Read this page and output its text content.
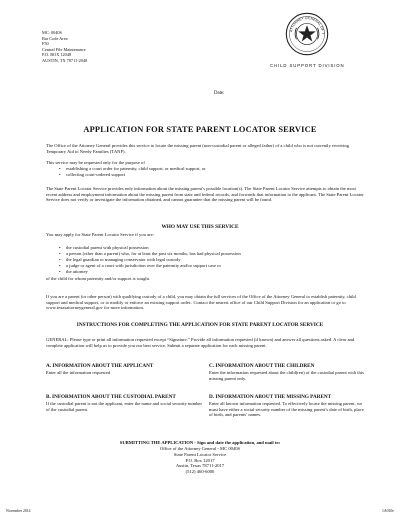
MC: 0040S
Bar Code Area
F50
Central File Maintenance
P.O. BOX 12048
AUSTIN, TX 78711-2048
ATTORNEY GENERAL OF T
CHILD SUPPORT DIVISION
Date:
APPLICATION FOR STATE PARENT LOCATOR SERVICE
The Office of the Attorney General provides this service to locate the missing parent (non-custodial parent or alleged father) of a child who is not currently receiving Temporary Aid to Needy Families (TANF).
This service may be requested only for the purpose of
• establishing a court order for paternity, child support, or medical support, or
• collecting court-ordered support
The State Parent Locator Service provides only information about the missing parent’s possible location(s). The State Parent Locator Service attempts to obtain the most recent address and employment information about the missing parent from state and federal records, and forwards that information to the applicant. The State Parent Locator Service does not verify or investigate the information obtained, and cannot guarantee that the missing parent will be found.
WHO MAY USE THIS SERVICE
You may apply for State Parent Locator Service if you are:
• the custodial parent with physical possession
• a person (other than a parent) who, for at least the past six months, has had physical possession
• the legal guardian or managing conservator with legal custody
• a judge or agent of a court with jurisdiction over the paternity and/or support case or
• the attorney
of the child for whom paternity and/or support is sought.
If you are a parent (or other person) with qualifying custody of a child, you may obtain the full services of the Office of the Attorney General to establish paternity, child support and medical support, or to modify or enforce an existing support order.. Contact the nearest office of our Child Support Division for an application or go to www.texasattorneygeneral.gov for more information.
INSTRUCTIONS FOR COMPLETING THE APPLICATION FOR STATE PARENT LOCATOR SERVICE
GENERAL: Please type or print all information requested except “Signature.” Provide all information requested (if known) and answer all questions asked. A clear and complete application will help us to provide you our best service. Submit a separate application for each missing parent.
A. INFORMATION ABOUT THE APPLICANT
Enter all the information requested
B. INFORMATION ABOUT THE CUSTODIAL PARENT
If the custodial parent is not the applicant, enter the name and social security number of the custodial parent.
C. INFORMATION ABOUT THE CHILDREN
Enter the information requested about the child(ren) of the custodial parent with this missing parent only.
D. INFORMATION ABOUT THE MISSING PARENT
Enter all known information requested. To effectively locate the missing parent, we must have either a social security number of the missing parent’s date of birth, place of birth, and parents’ names.
SUBMITTING THE APPLICATION - Sign and date the application, and mail to:
Office of the Attorney General - MC 0040S
State Parent Locator Service
P.O. Box 12017
Austin, Texas 78711-2017
(512) 460-6000
November 2014	1A010e
